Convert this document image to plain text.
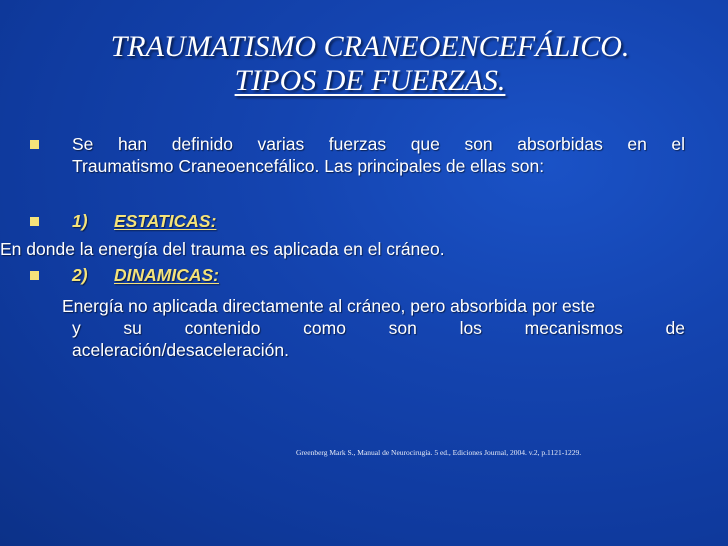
TRAUMATISMO CRANEOENCEFÁLICO.
TIPOS DE FUERZAS.
Se han definido varias fuerzas que son absorbidas en el
Traumatismo Craneoencefálico. Las principales de ellas son:
1) ESTATICAS:
En donde la energía del trauma es aplicada en el cráneo.
2) DINAMICAS:
Energía no aplicada directamente al cráneo, pero absorbida por este
y su contenido como son los mecanismos de
aceleración/desaceleración.
Greenberg Mark S., Manual de Neurocirugía. 5 ed., Ediciones Journal, 2004. v.2, p.1121-1229.
